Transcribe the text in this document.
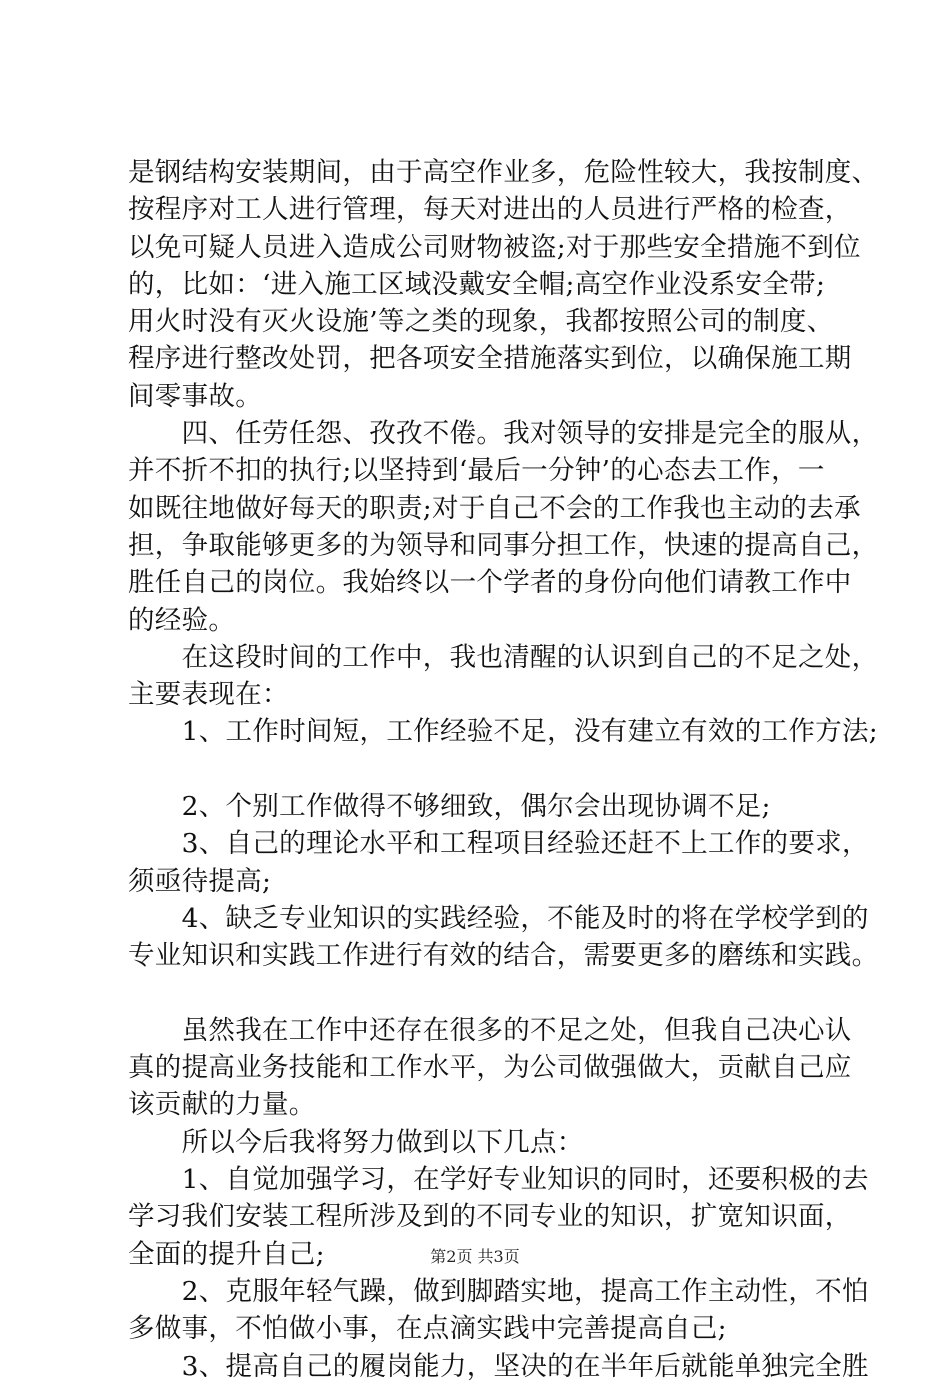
是钢结构安装期间，由于高空作业多，危险性较大，我按制度、
按程序对工人进行管理，每天对进出的人员进行严格的检查，
以免可疑人员进入造成公司财物被盗;对于那些安全措施不到位
的，比如：‘进入施工区域没戴安全帽;高空作业没系安全带;
用火时没有灭火设施’等之类的现象，我都按照公司的制度、
程序进行整改处罚，把各项安全措施落实到位，以确保施工期
间零事故。
　　四、任劳任怨、孜孜不倦。我对领导的安排是完全的服从，
并不折不扣的执行;以坚持到‘最后一分钟’的心态去工作，一
如既往地做好每天的职责;对于自己不会的工作我也主动的去承
担，争取能够更多的为领导和同事分担工作，快速的提高自己，
胜任自己的岗位。我始终以一个学者的身份向他们请教工作中
的经验。
　　在这段时间的工作中，我也清醒的认识到自己的不足之处，
主要表现在：
　　1、工作时间短，工作经验不足，没有建立有效的工作方法;
　　2、个别工作做得不够细致，偶尔会出现协调不足;
　　3、自己的理论水平和工程项目经验还赶不上工作的要求，
须亟待提高;
　　4、缺乏专业知识的实践经验，不能及时的将在学校学到的
专业知识和实践工作进行有效的结合，需要更多的磨练和实践。
　　虽然我在工作中还存在很多的不足之处，但我自己决心认
真的提高业务技能和工作水平，为公司做强做大，贡献自己应
该贡献的力量。
　　所以今后我将努力做到以下几点：
　　1、自觉加强学习，在学好专业知识的同时，还要积极的去
学习我们安装工程所涉及到的不同专业的知识，扩宽知识面，
全面的提升自己;
　　2、克服年轻气躁，做到脚踏实地，提高工作主动性，不怕
多做事，不怕做小事，在点滴实践中完善提高自己;
　　3、提高自己的履岗能力，坚决的在半年后就能单独完全胜
第2页 共3页
